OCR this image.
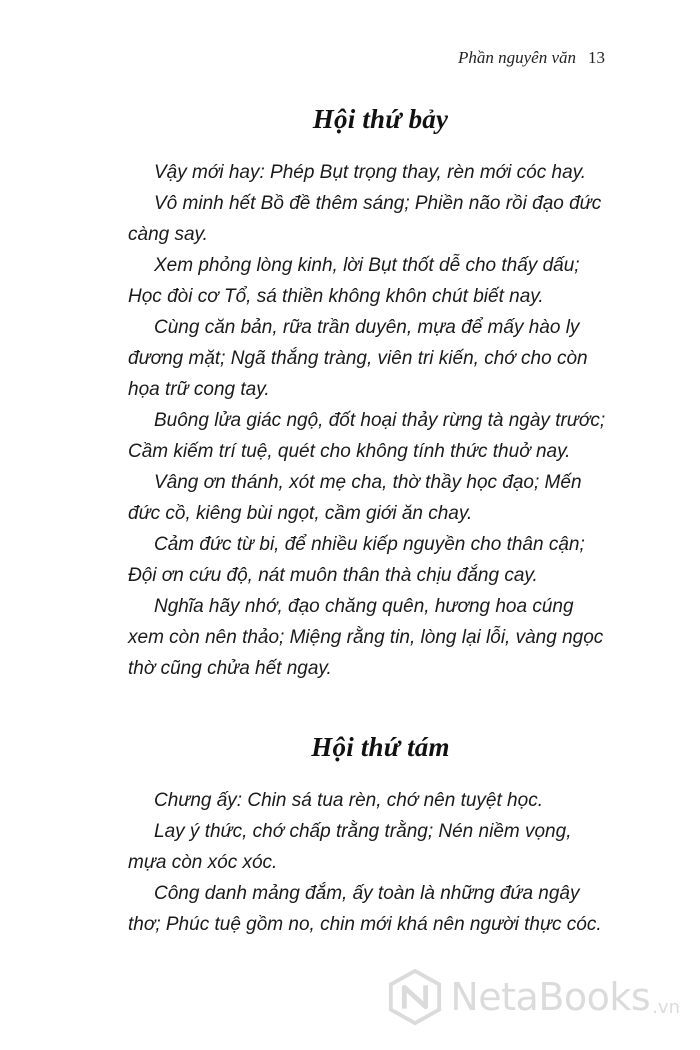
Phần nguyên văn 13
Hội thứ bảy

Vậy mới hay: Phép Bụt trọng thay, rèn mới cóc hay.

Vô minh hết Bồ đề thêm sáng; Phiền não rồi đạo đức càng say.

Xem phỏng lòng kinh, lời Bụt thốt dễ cho thấy dấu; Học đòi cơ Tổ, sá thiền không khôn chút biết nay.

Cùng căn bản, rữa trần duyên, mựa để mấy hào ly đương mặt; Ngã thắng tràng, viên tri kiến, chớ cho còn họa trữ cong tay.

Buông lửa giác ngộ, đốt hoại thảy rừng tà ngày trước; Cầm kiếm trí tuệ, quét cho không tính thức thuở nay.

Vâng ơn thánh, xót mẹ cha, thờ thầy học đạo; Mến đức cồ, kiêng bùi ngọt, cầm giới ăn chay.

Cảm đức từ bi, để nhiều kiếp nguyền cho thân cận; Đội ơn cứu độ, nát muôn thân thà chịu đắng cay.

Nghĩa hãy nhớ, đạo chăng quên, hương hoa cúng xem còn nên thảo; Miệng rằng tin, lòng lại lỗi, vàng ngọc thờ cũng chửa hết ngay.

Hội thứ tám

Chưng ấy: Chin sá tua rèn, chớ nên tuyệt học.

Lay ý thức, chớ chấp trằng trằng; Nén niềm vọng, mựa còn xóc xóc.

Công danh mảng đắm, ấy toàn là những đứa ngây thơ; Phúc tuệ gồm no, chin mới khá nên người thực cóc.

NetaBooks .vn
